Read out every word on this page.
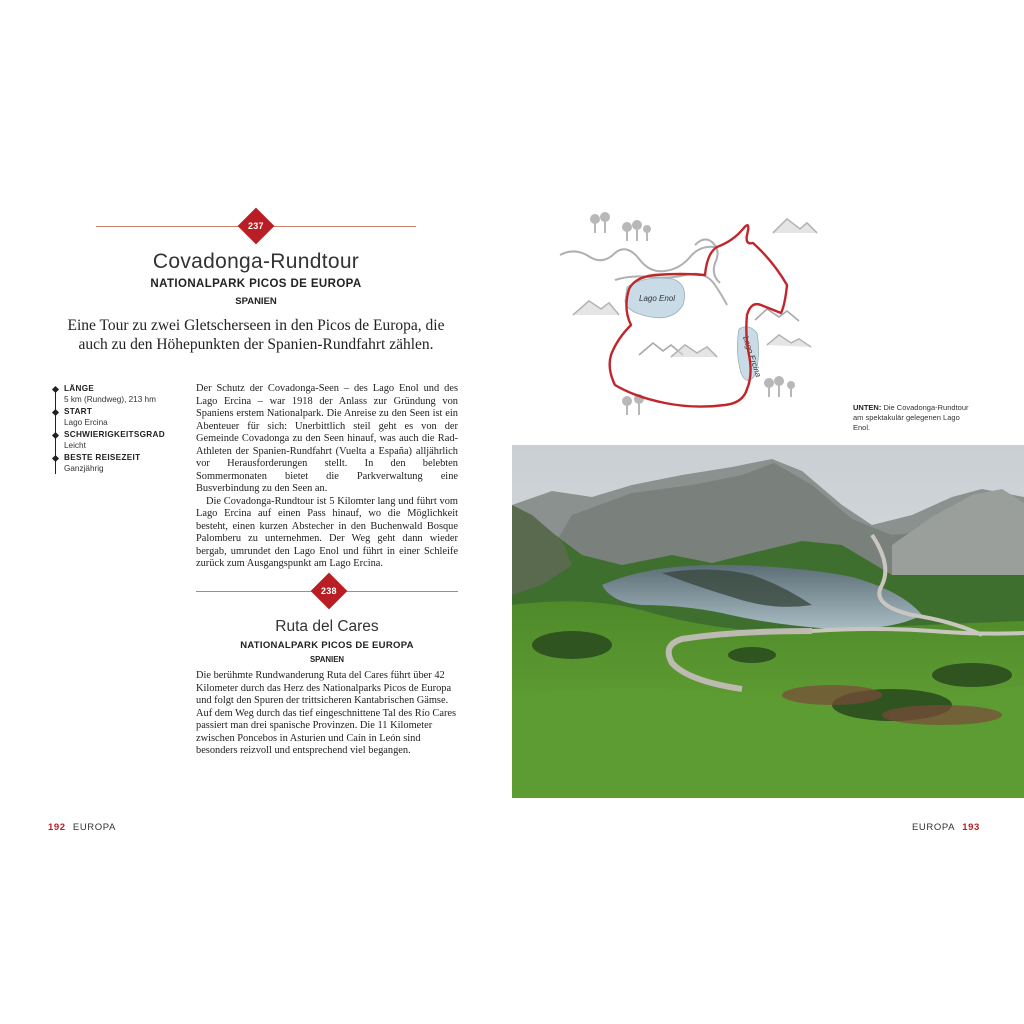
237
Covadonga-Rundtour
NATIONALPARK PICOS DE EUROPA
SPANIEN
Eine Tour zu zwei Gletscherseen in den Picos de Europa, die auch zu den Höhepunkten der Spanien-Rundfahrt zählen.
LÄNGE
5 km (Rundweg), 213 hm
START
Lago Ercina
SCHWIERIGKEITSGRAD
Leicht
BESTE REISEZEIT
Ganzjährig

Der Schutz der Covadonga-Seen – des Lago Enol und des Lago Ercina – war 1918 der Anlass zur Gründung von Spaniens erstem Nationalpark. Die Anreise zu den Seen ist ein Abenteuer für sich: Unerbittlich steil geht es von der Gemeinde Covadonga zu den Seen hinauf, was auch die Rad-Athleten der Spanien-Rundfahrt (Vuelta a España) alljährlich vor Herausforderungen stellt. In den belebten Sommermonaten bietet die Parkverwaltung eine Busverbindung zu den Seen an.

Die Covadonga-Rundtour ist 5 Kilomter lang und führt vom Lago Ercina auf einen Pass hinauf, wo die Möglichkeit besteht, einen kurzen Abstecher in den Buchenwald Bosque Palomberu zu unternehmen. Der Weg geht dann wieder bergab, umrundet den Lago Enol und führt in einer Schleife zurück zum Ausgangspunkt am Lago Ercina.

238
Ruta del Cares
NATIONALPARK PICOS DE EUROPA
SPANIEN
Die berühmte Rundwanderung Ruta del Cares führt über 42 Kilometer durch das Herz des Nationalparks Picos de Europa und folgt den Spuren der trittsicheren Kantabrischen Gämse. Auf dem Weg durch das tief eingeschnittene Tal des Río Cares passiert man drei spanische Provinzen. Die 11 Kilometer zwischen Poncebos in Asturien und Caín in León sind besonders reizvoll und entsprechend viel begangen.
Lago Enol
Lago Ercina
UNTEN: Die Covadonga-Rundtour am spektakulär gelegenen Lago Enol.
192 EUROPA	EUROPA 193
